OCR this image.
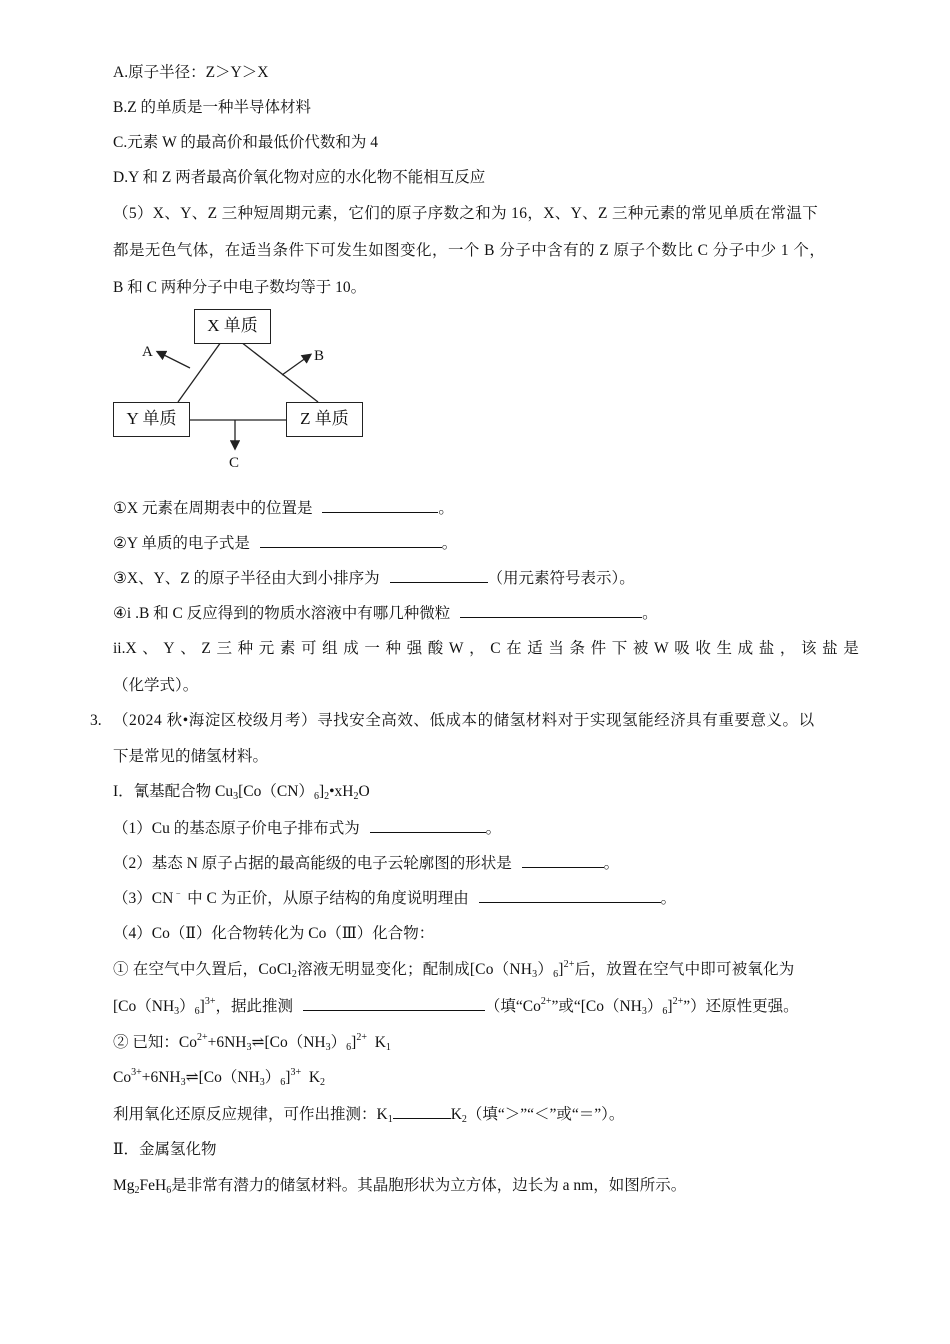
A.原子半径：Z＞Y＞X
B.Z 的单质是一种半导体材料
C.元素 W 的最高价和最低价代数和为 4
D.Y 和 Z 两者最高价氧化物对应的水化物不能相互反应
（5）X、Y、Z 三种短周期元素，它们的原子序数之和为 16，X、Y、Z 三种元素的常见单质在常温下
都是无色气体，在适当条件下可发生如图变化，一个 B 分子中含有的 Z 原子个数比 C 分子中少 1 个，
B 和 C 两种分子中电子数均等于 10。
X 单质
Y 单质	Z 单质
A	B
C
①X 元素在周期表中的位置是	。
②Y 单质的电子式是	。
③X、Y、Z 的原子半径由大到小排序为	（用元素符号表示）。
④i .B 和 C 反应得到的物质水溶液中有哪几种微粒	。
ii.X 、 Y 、 Z 三 种 元 素 可 组 成 一 种 强 酸 W ， C 在 适 当 条 件 下 被 W 吸 收 生 成 盐 ， 该 盐 是
（化学式）。
3. （2024 秋•海淀区校级月考）寻找安全高效、低成本的储氢材料对于实现氢能经济具有重要意义。以
下是常见的储氢材料。
I．氰基配合物 $Cu_3[Co(CN)_6]_2•xH_2O$
（1）Cu 的基态原子价电子排布式为	。
（2）基态 N 原子占据的最高能级的电子云轮廓图的形状是	。
（3）CN﹣ 中 C 为正价，从原子结构的角度说明理由	。
（4）Co（Ⅱ）化合物转化为 Co（Ⅲ）化合物：
① 在空气中久置后，CoCl$_2$溶液无明显变化；配制成$[Co(NH_3)_6]^{2+}$后，放置在空气中即可被氧化为
$[Co(NH_3)_6]^{3+}$，据此推测	（填“$Co^{2+}$”或“$[Co(NH_3)_6]^{2+}$”）还原性更强。
② 已知：$Co^{2+}+6NH_3\rightleftharpoons[Co(NH_3)_6]^{2+}$ $K_1$
$Co^{3+}+6NH_3\rightleftharpoons[Co(NH_3)_6]^{3+}$ $K_2$
利用氧化还原反应规律，可作出推测：$K_1$	$K_2$（填“＞”“＜”或“＝”）。
Ⅱ．金属氢化物
$Mg_2FeH_6$是非常有潜力的储氢材料。其晶胞形状为立方体，边长为 a nm，如图所示。
